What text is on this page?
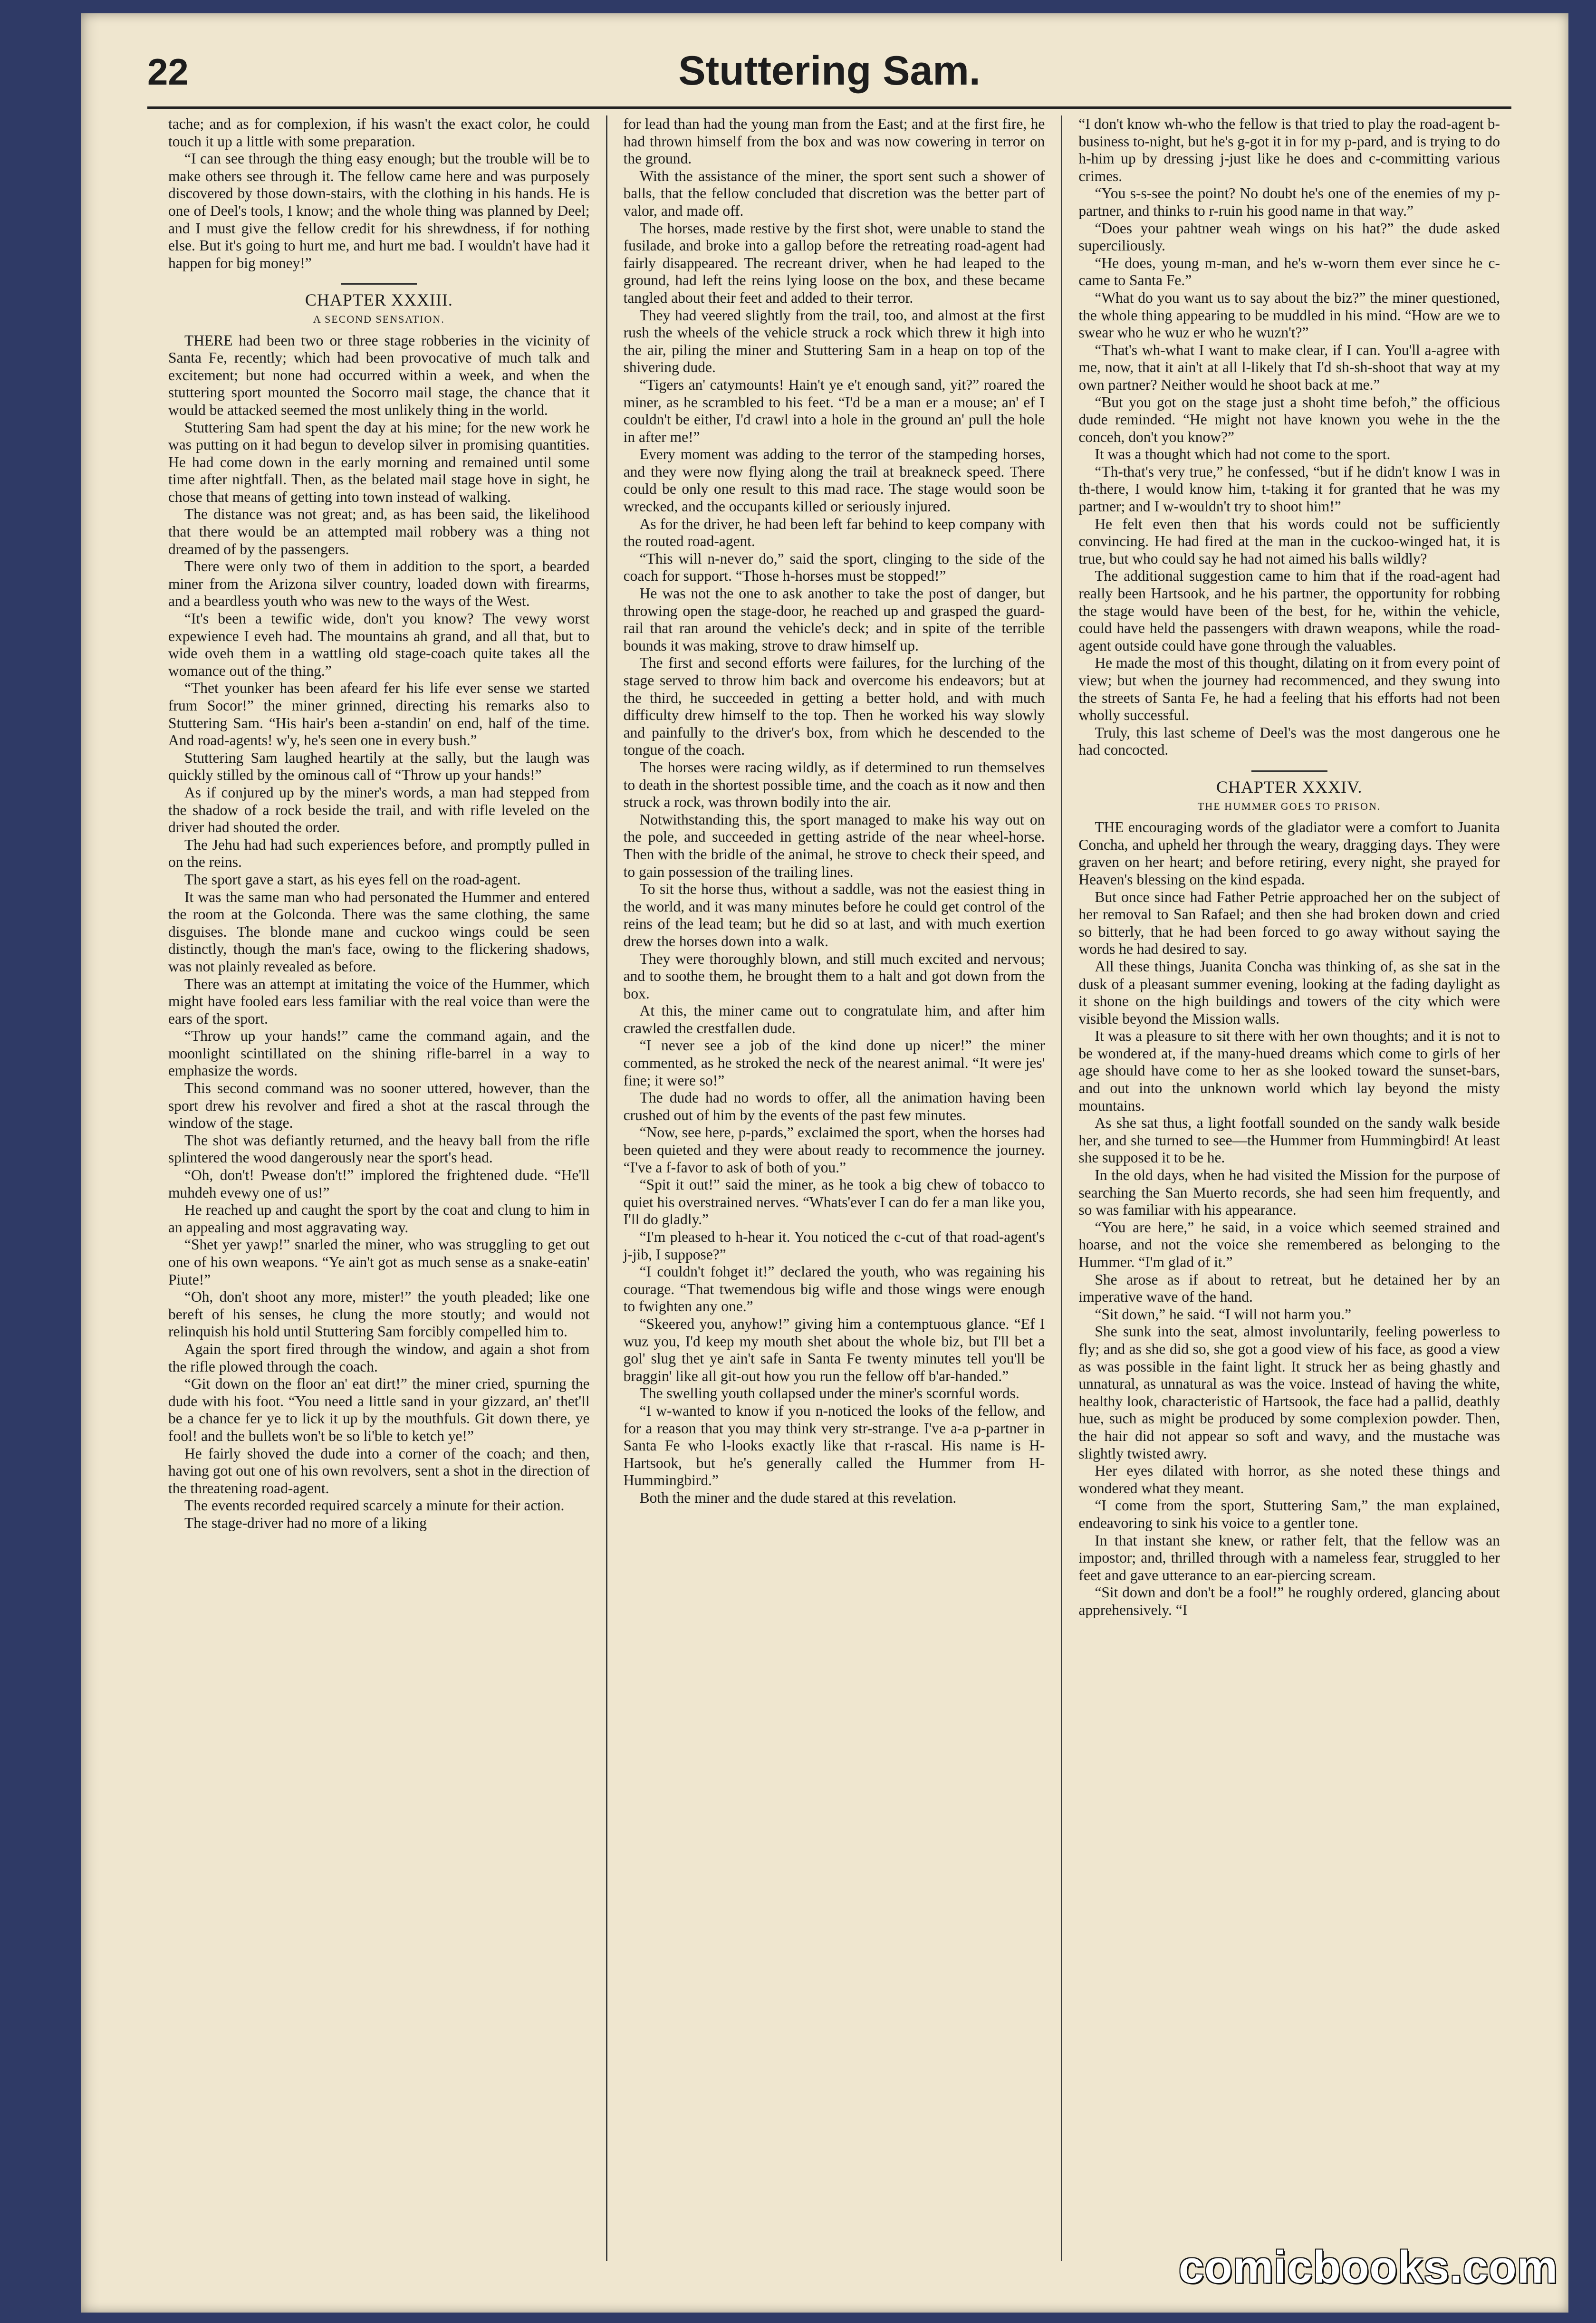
22	Stuttering Sam.

tache; and as for complexion, if his wasn't the exact color, he could touch it up a little with some preparation.

“I can see through the thing easy enough; but the trouble will be to make others see through it. The fellow came here and was purposely discovered by those down-stairs, with the clothing in his hands. He is one of Deel's tools, I know; and the whole thing was planned by Deel; and I must give the fellow credit for his shrewdness, if for nothing else. But it's going to hurt me, and hurt me bad. I wouldn't have had it happen for big money!”

CHAPTER XXXIII.
A SECOND SENSATION.

THERE had been two or three stage robberies in the vicinity of Santa Fe, recently; which had been provocative of much talk and excitement; but none had occurred within a week, and when the stuttering sport mounted the Socorro mail stage, the chance that it would be attacked seemed the most unlikely thing in the world.

Stuttering Sam had spent the day at his mine; for the new work he was putting on it had begun to develop silver in promising quantities. He had come down in the early morning and remained until some time after nightfall. Then, as the belated mail stage hove in sight, he chose that means of getting into town instead of walking.

The distance was not great; and, as has been said, the likelihood that there would be an attempted mail robbery was a thing not dreamed of by the passengers.

There were only two of them in addition to the sport, a bearded miner from the Arizona silver country, loaded down with firearms, and a beardless youth who was new to the ways of the West.

“It's been a tewific wide, don't you know? The vewy worst expewience I eveh had. The mountains ah grand, and all that, but to wide oveh them in a wattling old stage-coach quite takes all the womance out of the thing.”

“Thet younker has been afeard fer his life ever sense we started frum Socor!” the miner grinned, directing his remarks also to Stuttering Sam. “His hair's been a-standin' on end, half of the time. And road-agents! w'y, he's seen one in every bush.”

Stuttering Sam laughed heartily at the sally, but the laugh was quickly stilled by the ominous call of “Throw up your hands!”

As if conjured up by the miner's words, a man had stepped from the shadow of a rock beside the trail, and with rifle leveled on the driver had shouted the order.

The Jehu had had such experiences before, and promptly pulled in on the reins.

The sport gave a start, as his eyes fell on the road-agent.

It was the same man who had personated the Hummer and entered the room at the Golconda. There was the same clothing, the same disguises. The blonde mane and cuckoo wings could be seen distinctly, though the man's face, owing to the flickering shadows, was not plainly revealed as before.

There was an attempt at imitating the voice of the Hummer, which might have fooled ears less familiar with the real voice than were the ears of the sport.

“Throw up your hands!” came the command again, and the moonlight scintillated on the shining rifle-barrel in a way to emphasize the words.

This second command was no sooner uttered, however, than the sport drew his revolver and fired a shot at the rascal through the window of the stage.

The shot was defiantly returned, and the heavy ball from the rifle splintered the wood dangerously near the sport's head.

“Oh, don't! Pwease don't!” implored the frightened dude. “He'll muhdeh evewy one of us!”

He reached up and caught the sport by the coat and clung to him in an appealing and most aggravating way.

“Shet yer yawp!” snarled the miner, who was struggling to get out one of his own weapons. “Ye ain't got as much sense as a snake-eatin' Piute!”

“Oh, don't shoot any more, mister!” the youth pleaded; like one bereft of his senses, he clung the more stoutly; and would not relinquish his hold until Stuttering Sam forcibly compelled him to.

Again the sport fired through the window, and again a shot from the rifle plowed through the coach.

“Git down on the floor an' eat dirt!” the miner cried, spurning the dude with his foot. “You need a little sand in your gizzard, an' thet'll be a chance fer ye to lick it up by the mouthfuls. Git down there, ye fool! and the bullets won't be so li'ble to ketch ye!”

He fairly shoved the dude into a corner of the coach; and then, having got out one of his own revolvers, sent a shot in the direction of the threatening road-agent.

The events recorded required scarcely a minute for their action.

The stage-driver had no more of a liking

for lead than had the young man from the East; and at the first fire, he had thrown himself from the box and was now cowering in terror on the ground.

With the assistance of the miner, the sport sent such a shower of balls, that the fellow concluded that discretion was the better part of valor, and made off.

The horses, made restive by the first shot, were unable to stand the fusilade, and broke into a gallop before the retreating road-agent had fairly disappeared. The recreant driver, when he had leaped to the ground, had left the reins lying loose on the box, and these became tangled about their feet and added to their terror.

They had veered slightly from the trail, too, and almost at the first rush the wheels of the vehicle struck a rock which threw it high into the air, piling the miner and Stuttering Sam in a heap on top of the shivering dude.

“Tigers an' catymounts! Hain't ye e't enough sand, yit?” roared the miner, as he scrambled to his feet. “I'd be a man er a mouse; an' ef I couldn't be either, I'd crawl into a hole in the ground an' pull the hole in after me!”

Every moment was adding to the terror of the stampeding horses, and they were now flying along the trail at breakneck speed. There could be only one result to this mad race. The stage would soon be wrecked, and the occupants killed or seriously injured.

As for the driver, he had been left far behind to keep company with the routed road-agent.

“This will n-never do,” said the sport, clinging to the side of the coach for support. “Those h-horses must be stopped!”

He was not the one to ask another to take the post of danger, but throwing open the stage-door, he reached up and grasped the guard-rail that ran around the vehicle's deck; and in spite of the terrible bounds it was making, strove to draw himself up.

The first and second efforts were failures, for the lurching of the stage served to throw him back and overcome his endeavors; but at the third, he succeeded in getting a better hold, and with much difficulty drew himself to the top. Then he worked his way slowly and painfully to the driver's box, from which he descended to the tongue of the coach.

The horses were racing wildly, as if determined to run themselves to death in the shortest possible time, and the coach as it now and then struck a rock, was thrown bodily into the air.

Notwithstanding this, the sport managed to make his way out on the pole, and succeeded in getting astride of the near wheel-horse. Then with the bridle of the animal, he strove to check their speed, and to gain possession of the trailing lines.

To sit the horse thus, without a saddle, was not the easiest thing in the world, and it was many minutes before he could get control of the reins of the lead team; but he did so at last, and with much exertion drew the horses down into a walk.

They were thoroughly blown, and still much excited and nervous; and to soothe them, he brought them to a halt and got down from the box.

At this, the miner came out to congratulate him, and after him crawled the crestfallen dude.

“I never see a job of the kind done up nicer!” the miner commented, as he stroked the neck of the nearest animal. “It were jes' fine; it were so!”

The dude had no words to offer, all the animation having been crushed out of him by the events of the past few minutes.

“Now, see here, p-pards,” exclaimed the sport, when the horses had been quieted and they were about ready to recommence the journey. “I've a f-favor to ask of both of you.”

“Spit it out!” said the miner, as he took a big chew of tobacco to quiet his overstrained nerves. “Whats'ever I can do fer a man like you, I'll do gladly.”

“I'm pleased to h-hear it. You noticed the c-cut of that road-agent's j-jib, I suppose?”

“I couldn't fohget it!” declared the youth, who was regaining his courage. “That twemendous big wifle and those wings were enough to fwighten any one.”

“Skeered you, anyhow!” giving him a contemptuous glance. “Ef I wuz you, I'd keep my mouth shet about the whole biz, but I'll bet a gol' slug thet ye ain't safe in Santa Fe twenty minutes tell you'll be braggin' like all git-out how you run the fellow off b'ar-handed.”

The swelling youth collapsed under the miner's scornful words.

“I w-wanted to know if you n-noticed the looks of the fellow, and for a reason that you may think very str-strange. I've a-a p-partner in Santa Fe who l-looks exactly like that r-rascal. His name is H-Hartsook, but he's generally called the Hummer from H-Hummingbird.”

Both the miner and the dude stared at this revelation.

“I don't know wh-who the fellow is that tried to play the road-agent b-business to-night, but he's g-got it in for my p-pard, and is trying to do h-him up by dressing j-just like he does and c-committing various crimes.

“You s-s-see the point? No doubt he's one of the enemies of my p-partner, and thinks to r-ruin his good name in that way.”

“Does your pahtner weah wings on his hat?” the dude asked superciliously.

“He does, young m-man, and he's w-worn them ever since he c-came to Santa Fe.”

“What do you want us to say about the biz?” the miner questioned, the whole thing appearing to be muddled in his mind. “How are we to swear who he wuz er who he wuzn't?”

“That's wh-what I want to make clear, if I can. You'll a-agree with me, now, that it ain't at all l-likely that I'd sh-sh-shoot that way at my own partner? Neither would he shoot back at me.”

“But you got on the stage just a shoht time befoh,” the officious dude reminded. “He might not have known you wehe in the the conceh, don't you know?”

It was a thought which had not come to the sport.

“Th-that's very true,” he confessed, “but if he didn't know I was in th-there, I would know him, t-taking it for granted that he was my partner; and I w-wouldn't try to shoot him!”

He felt even then that his words could not be sufficiently convincing. He had fired at the man in the cuckoo-winged hat, it is true, but who could say he had not aimed his balls wildly?

The additional suggestion came to him that if the road-agent had really been Hartsook, and he his partner, the opportunity for robbing the stage would have been of the best, for he, within the vehicle, could have held the passengers with drawn weapons, while the road-agent outside could have gone through the valuables.

He made the most of this thought, dilating on it from every point of view; but when the journey had recommenced, and they swung into the streets of Santa Fe, he had a feeling that his efforts had not been wholly successful.

Truly, this last scheme of Deel's was the most dangerous one he had concocted.

CHAPTER XXXIV.
THE HUMMER GOES TO PRISON.

THE encouraging words of the gladiator were a comfort to Juanita Concha, and upheld her through the weary, dragging days. They were graven on her heart; and before retiring, every night, she prayed for Heaven's blessing on the kind espada.

But once since had Father Petrie approached her on the subject of her removal to San Rafael; and then she had broken down and cried so bitterly, that he had been forced to go away without saying the words he had desired to say.

All these things, Juanita Concha was thinking of, as she sat in the dusk of a pleasant summer evening, looking at the fading daylight as it shone on the high buildings and towers of the city which were visible beyond the Mission walls.

It was a pleasure to sit there with her own thoughts; and it is not to be wondered at, if the many-hued dreams which come to girls of her age should have come to her as she looked toward the sunset-bars, and out into the unknown world which lay beyond the misty mountains.

As she sat thus, a light footfall sounded on the sandy walk beside her, and she turned to see—the Hummer from Hummingbird! At least she supposed it to be he.

In the old days, when he had visited the Mission for the purpose of searching the San Muerto records, she had seen him frequently, and so was familiar with his appearance.

“You are here,” he said, in a voice which seemed strained and hoarse, and not the voice she remembered as belonging to the Hummer. “I'm glad of it.”

She arose as if about to retreat, but he detained her by an imperative wave of the hand.

“Sit down,” he said. “I will not harm you.”

She sunk into the seat, almost involuntarily, feeling powerless to fly; and as she did so, she got a good view of his face, as good a view as was possible in the faint light. It struck her as being ghastly and unnatural, as unnatural as was the voice. Instead of having the white, healthy look, characteristic of Hartsook, the face had a pallid, deathly hue, such as might be produced by some complexion powder. Then, the hair did not appear so soft and wavy, and the mustache was slightly twisted awry.

Her eyes dilated with horror, as she noted these things and wondered what they meant.

“I come from the sport, Stuttering Sam,” the man explained, endeavoring to sink his voice to a gentler tone.

In that instant she knew, or rather felt, that the fellow was an impostor; and, thrilled through with a nameless fear, struggled to her feet and gave utterance to an ear-piercing scream.

“Sit down and don't be a fool!” he roughly ordered, glancing about apprehensively. “I

comicbooks.com
